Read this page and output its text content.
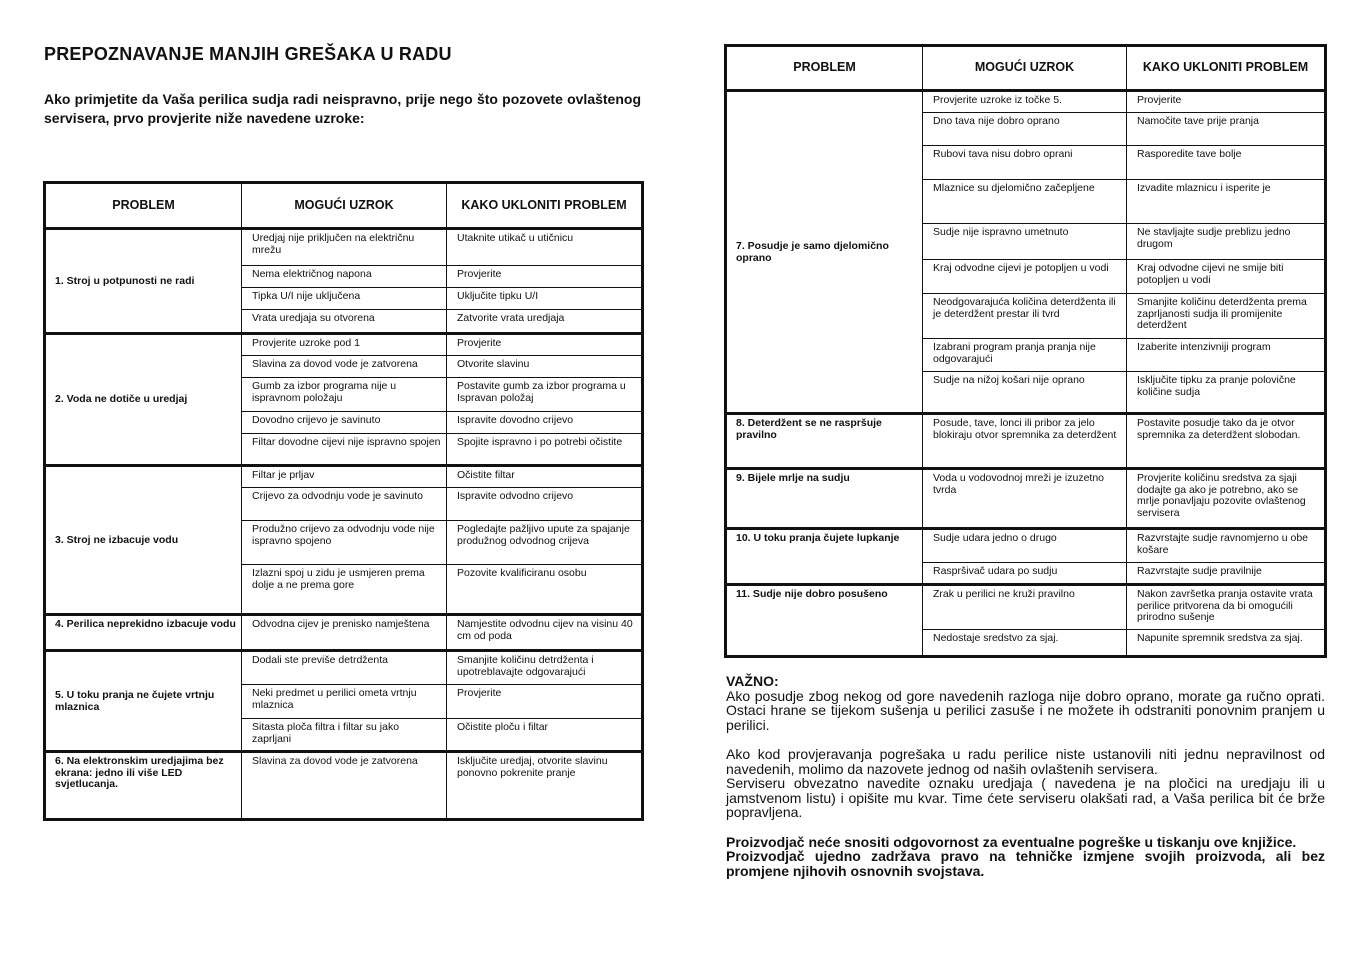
PREPOZNAVANJE MANJIH GREŠAKA U RADU

Ako primjetite da Vaša perilica sudja radi neispravno, prije nego što pozovete ovlaštenog servisera, prvo provjerite niže navedene uzroke:

PROBLEM	MOGUĆI UZROK	KAKO UKLONITI PROBLEM
1. Stroj u potpunosti ne radi	Uredjaj nije priključen na električnu mrežu	Utaknite utikač u utičnicu
	Nema električnog napona	Provjerite
	Tipka U/I nije uključena	Uključite tipku U/I
	Vrata uredjaja su otvorena	Zatvorite vrata uredjaja
2. Voda ne dotiče u uredjaj	Provjerite uzroke pod 1	Provjerite
	Slavina za dovod vode je zatvorena	Otvorite slavinu
	Gumb za izbor programa nije u ispravnom položaju	Postavite gumb za izbor programa u Ispravan položaj
	Dovodno crijevo je savinuto	Ispravite dovodno crijevo
	Filtar dovodne cijevi nije ispravno spojen	Spojite ispravno i po potrebi očistite
3. Stroj ne izbacuje vodu	Filtar je prljav	Očistite filtar
	Crijevo za odvodnju vode je savinuto	Ispravite odvodno crijevo
	Produžno crijevo za odvodnju vode nije ispravno spojeno	Pogledajte pažljivo upute za spajanje produžnog odvodnog crijeva
	Izlazni spoj u zidu je usmjeren prema dolje a ne prema gore	Pozovite kvalificiranu osobu
4. Perilica neprekidno izbacuje vodu	Odvodna cijev je prenisko namještena	Namjestite odvodnu cijev na visinu 40 cm od poda
5. U toku pranja ne čujete vrtnju mlaznica	Dodali ste previše detrdženta	Smanjite količinu detrdženta i upotreblavajte odgovarajući
	Neki predmet u perilici ometa vrtnju mlaznica	Provjerite
	Sitasta ploča filtra i filtar su jako zaprljani	Očistite ploču i filtar
6. Na elektronskim uredjajima bez ekrana: jedno ili više LED svjetlucanja.	Slavina za dovod vode je zatvorena	Isključite uredjaj, otvorite slavinu ponovno pokrenite pranje
PROBLEM	MOGUĆI UZROK	KAKO UKLONITI PROBLEM
7. Posudje je samo djelomično oprano	Provjerite uzroke iz točke 5.	Provjerite
	Dno tava nije dobro oprano	Namočite tave prije pranja
	Rubovi tava nisu dobro oprani	Rasporedite tave bolje
	Mlaznice su djelomično začepljene	Izvadite mlaznicu i isperite je
	Sudje nije ispravno umetnuto	Ne stavljajte sudje preblizu jedno drugom
	Kraj odvodne cijevi je potopljen u vodi	Kraj odvodne cijevi ne smije biti potopljen u vodi
	Neodgovarajuća količina deterdženta ili je deterdžent prestar ili tvrd	Smanjite količinu deterdženta prema zaprljanosti sudja ili promijenite deterdžent
	Izabrani program pranja pranja nije odgovarajući	Izaberite intenzivniji program
	Sudje na nižoj košari nije oprano	Isključite tipku za pranje polovične količine sudja
8. Deterdžent se ne raspršuje pravilno	Posude, tave, lonci ili pribor za jelo blokiraju otvor spremnika za deterdžent	Postavite posudje tako da je otvor spremnika za deterdžent slobodan.
9. Bijele mrlje na sudju	Voda u vodovodnoj mreži je izuzetno tvrda	Provjerite količinu sredstva za sjaji dodajte ga ako je potrebno, ako se mrlje ponavljaju pozovite ovlaštenog servisera
10. U toku pranja čujete lupkanje	Sudje udara jedno o drugo	Razvrstajte sudje ravnomjerno u obe košare
	Raspršivač udara po sudju	Razvrstajte sudje pravilnije
11. Sudje nije dobro posušeno	Zrak u perilici ne kruži pravilno	Nakon završetka pranja ostavite vrata perilice pritvorena da bi omogućili prirodno sušenje
	Nedostaje sredstvo za sjaj.	Napunite spremnik sredstva za sjaj.

VAŽNO:

Ako posudje zbog nekog od gore navedenih razloga nije dobro oprano, morate ga ručno oprati. Ostaci hrane se tijekom sušenja u perilici zasuše i ne možete ih odstraniti ponovnim pranjem u perilici.

Ako kod provjeravanja pogrešaka u radu perilice niste ustanovili niti jednu nepravilnost od navedenih, molimo da nazovete jednog od naših ovlaštenih servisera.
Serviseru obvezatno navedite oznaku uredjaja ( navedena je na pločici na uredjaju ili u jamstvenom listu) i opišite mu kvar. Time ćete serviseru olakšati rad, a Vaša perilica bit će brže popravljena.

Proizvodjač neće snositi odgovornost za eventualne pogreške u tiskanju ove knjižice.
Proizvodjač ujedno zadržava pravo na tehničke izmjene svojih proizvoda, ali bez promjene njihovih osnovnih svojstava.
